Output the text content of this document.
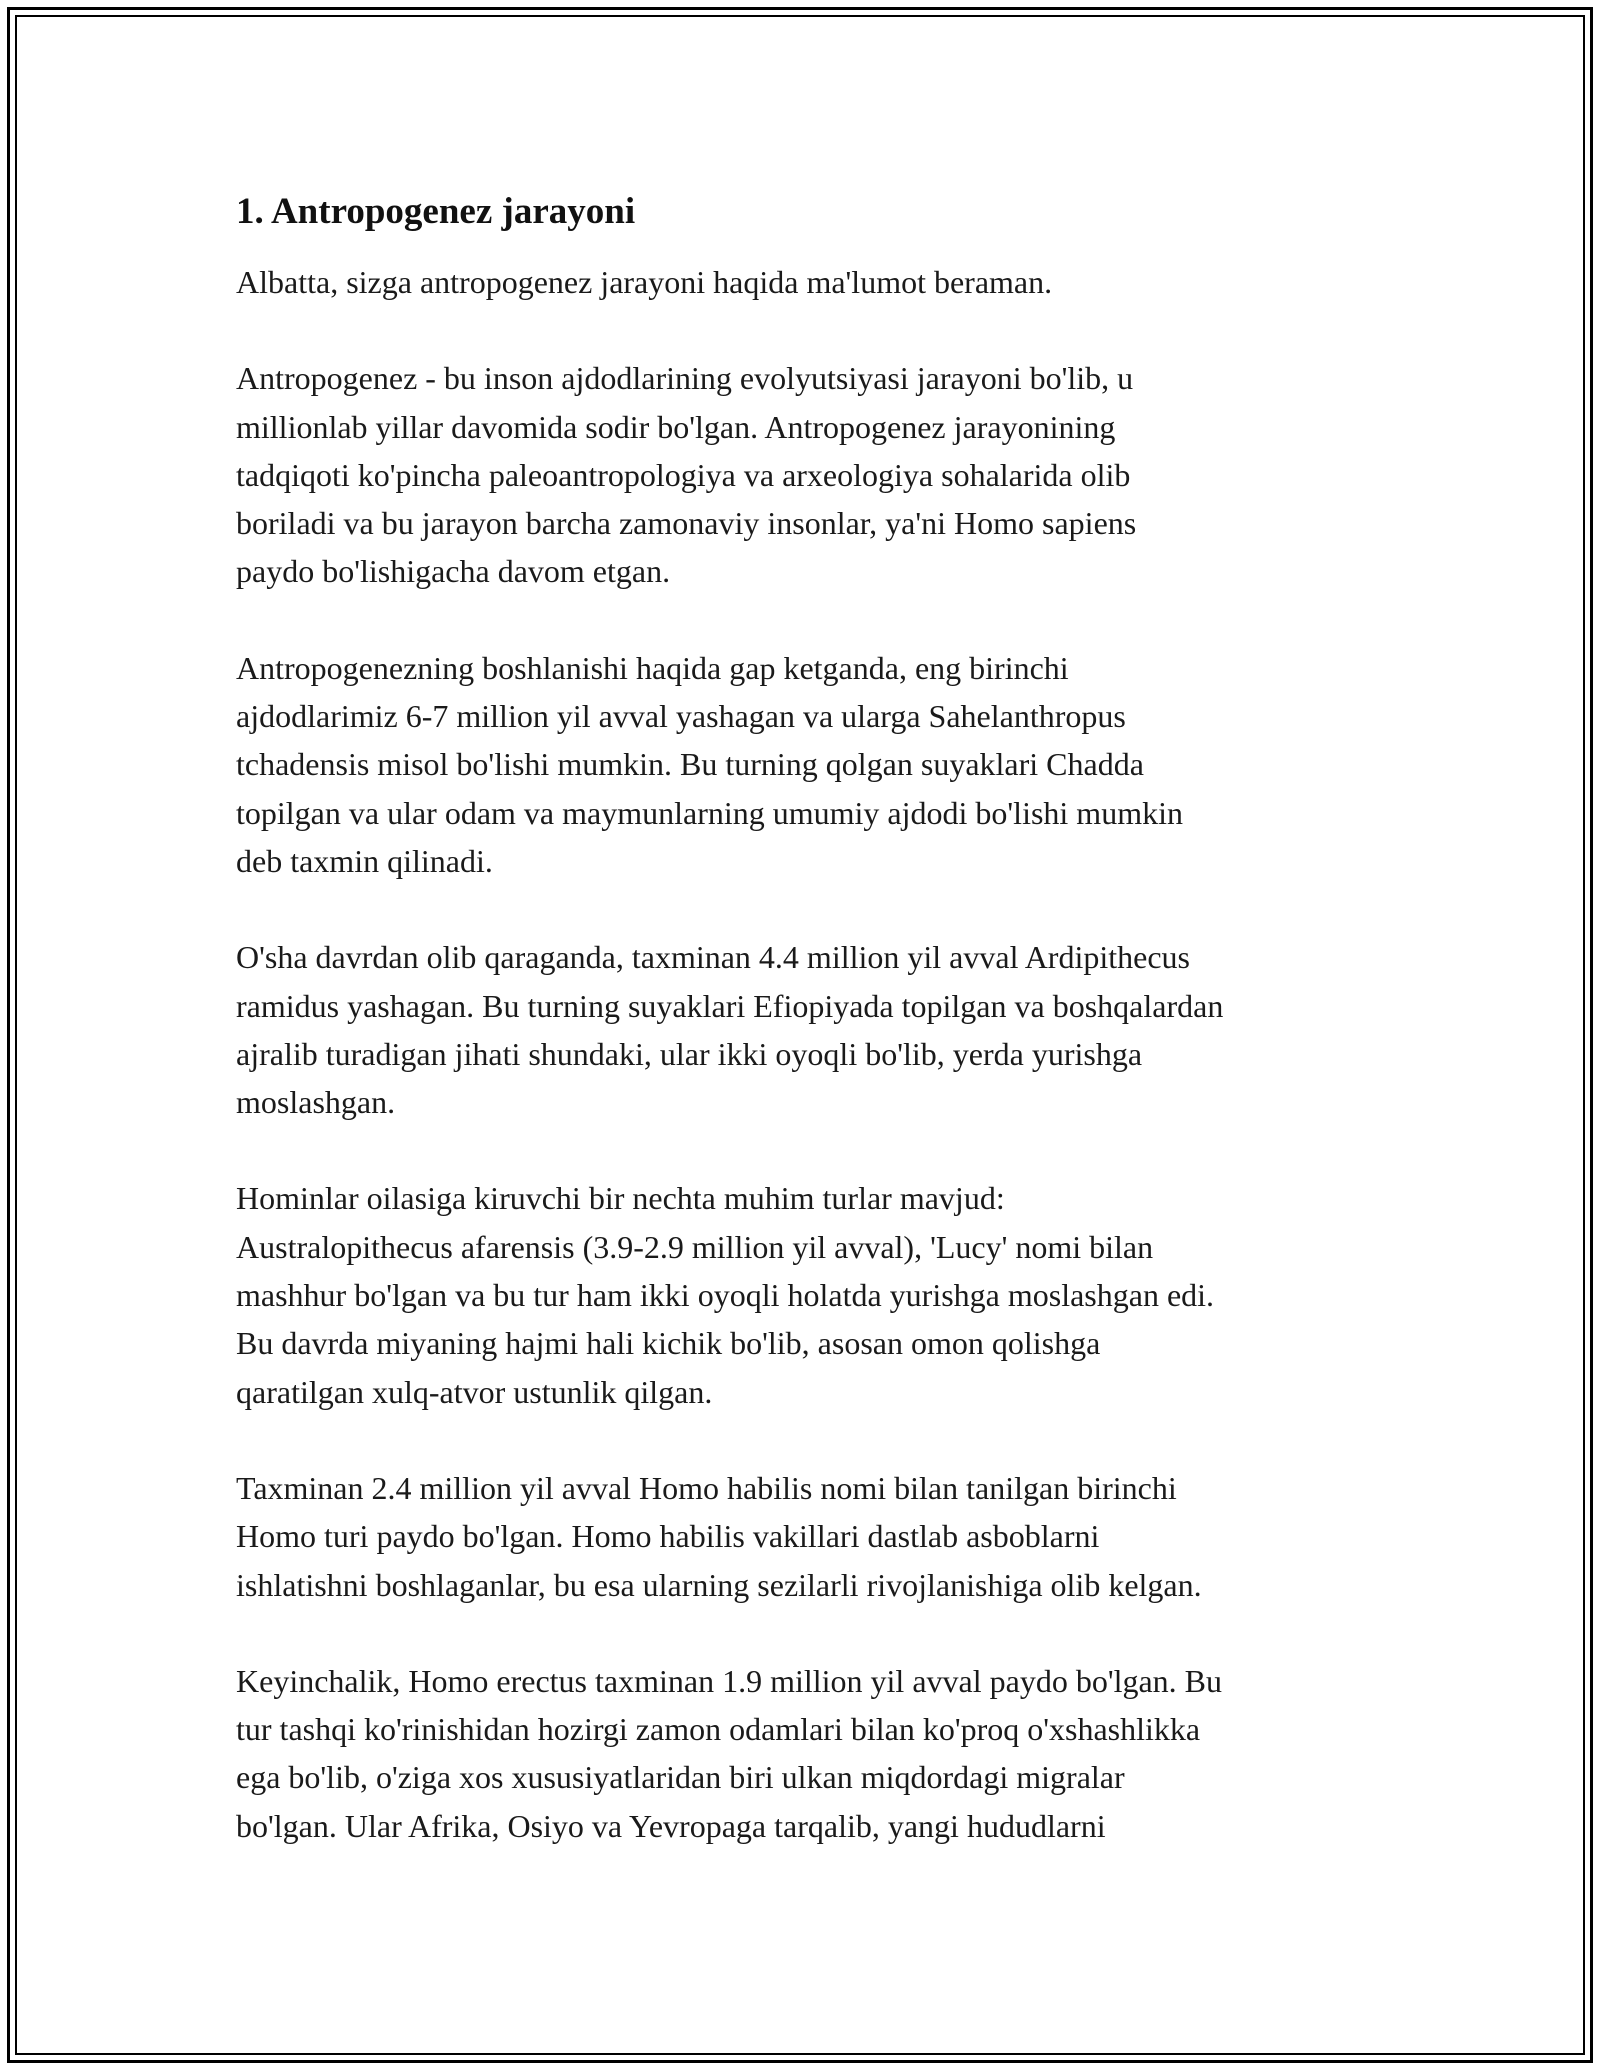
1. Antropogenez jarayoni

Albatta, sizga antropogenez jarayoni haqida ma'lumot beraman.

Antropogenez - bu inson ajdodlarining evolyutsiyasi jarayoni bo'lib, u
millionlab yillar davomida sodir bo'lgan. Antropogenez jarayonining
tadqiqoti ko'pincha paleoantropologiya va arxeologiya sohalarida olib
boriladi va bu jarayon barcha zamonaviy insonlar, ya'ni Homo sapiens
paydo bo'lishigacha davom etgan.

Antropogenezning boshlanishi haqida gap ketganda, eng birinchi
ajdodlarimiz 6-7 million yil avval yashagan va ularga Sahelanthropus
tchadensis misol bo'lishi mumkin. Bu turning qolgan suyaklari Chadda
topilgan va ular odam va maymunlarning umumiy ajdodi bo'lishi mumkin
deb taxmin qilinadi.

O'sha davrdan olib qaraganda, taxminan 4.4 million yil avval Ardipithecus
ramidus yashagan. Bu turning suyaklari Efiopiyada topilgan va boshqalardan
ajralib turadigan jihati shundaki, ular ikki oyoqli bo'lib, yerda yurishga
moslashgan.

Hominlar oilasiga kiruvchi bir nechta muhim turlar mavjud:
Australopithecus afarensis (3.9-2.9 million yil avval), 'Lucy' nomi bilan
mashhur bo'lgan va bu tur ham ikki oyoqli holatda yurishga moslashgan edi.
Bu davrda miyaning hajmi hali kichik bo'lib, asosan omon qolishga
qaratilgan xulq-atvor ustunlik qilgan.

Taxminan 2.4 million yil avval Homo habilis nomi bilan tanilgan birinchi
Homo turi paydo bo'lgan. Homo habilis vakillari dastlab asboblarni
ishlatishni boshlaganlar, bu esa ularning sezilarli rivojlanishiga olib kelgan.

Keyinchalik, Homo erectus taxminan 1.9 million yil avval paydo bo'lgan. Bu
tur tashqi ko'rinishidan hozirgi zamon odamlari bilan ko'proq o'xshashlikka
ega bo'lib, o'ziga xos xususiyatlaridan biri ulkan miqdordagi migralar
bo'lgan. Ular Afrika, Osiyo va Yevropaga tarqalib, yangi hududlarni
